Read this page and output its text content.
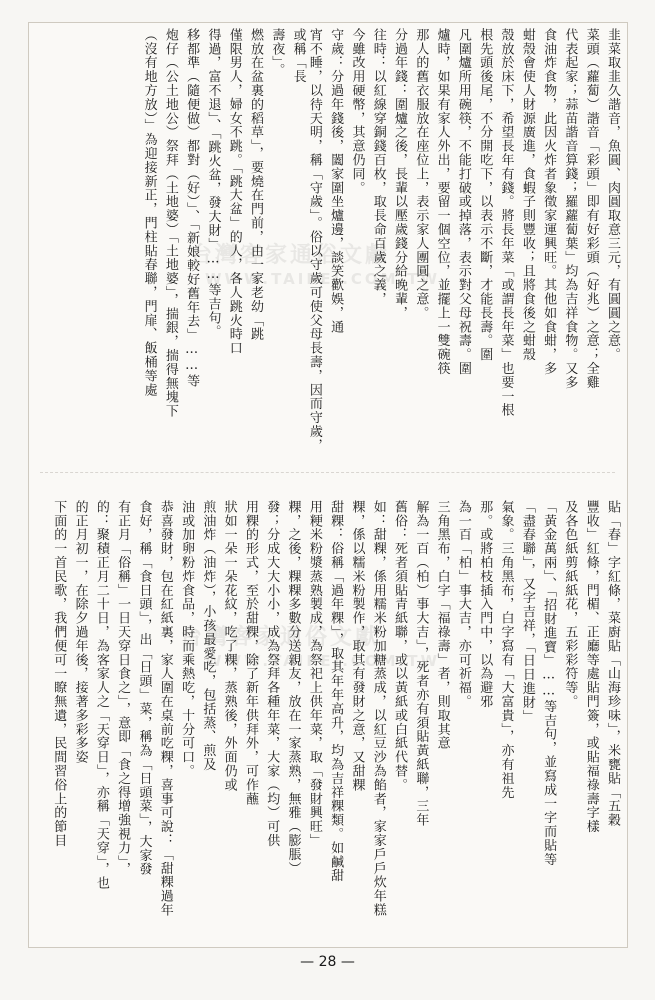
韭菜取韭久諧音，魚圓、肉圓取意三元，有圓圓之意。 菜頭（蘿蔔）諧音「彩頭」即有好彩頭（好兆）之意；全雞 代表起家；蒜苗諧音算錢；羅蘿蔔葉」均為吉祥食物。又多 食油炸食物，此因火炸者象徵家運興旺。其他如食蚶，多 蚶殼會使人財源廣進，食蝦子則豐收；且將食後之蚶殼 殼放於床下，希望長年有錢。將長年菜「或謂長年菜」也要一根 根先頭後尾，不分開吃下，以表示不斷，才能長壽。圍 凡圍爐所用碗筷，不能打破或掉落，表示對父母祝壽。圍 爐時，如果有家人外出，要留一個空位，並擺上一雙碗筷 那人的舊衣服放在座位上，表示家人團圓之意。 分過年錢：圍爐之後，長輩以壓歲錢分給晚輩， 往時：以紅線穿銅錢百枚，取長命百歲之義， 今雖改用硬幣，其意仍同。 守歲：分過年錢後，闔家圍坐爐邊，談笑歡娛，通 宵不睡，以待天明，稱「守歲」。俗以守歲可使父母長壽，因而守歲，或稱「長 壽夜」。 燃放在盆裏的稻草」，要燒在門前，由一家老幼「跳 僅限男人，婦女不跳。「跳大盆」的人，各人跳火時口 得過，富不退」、「跳火盆，發大財」……等吉句。 移都準（隨便做）都對（好）」、「新娘較好舊年去」……等 炮仔（公土地公）祭拜（土地婆）「土地婆」，揣銀，揣得無塊下 （沒有地方放）」為迎接新正，門柱貼春聯，門扉、飯桶等處
貼「春」字紅條，菜廚貼「山海珍味」，米甕貼「五穀 豐收」紅條，門楣、正廳等處貼門簽，或貼福祿壽字樣 及各色紙剪紙紙花，五彩彩符等。 「黃金萬兩」、「招財進寶」……等吉句，並寫成一字而貼等 「盡春聯」，又字吉祥，「日日進財」 氣象。三角黑布，白字寫有「大富貴」，亦有祖先 那。或將柏枝插入門中，以為避邪 為一百「柏」事大吉，亦可祈福。 三角黑布，白字「福祿壽」者，則取其意 解為一百（柏）事大吉」，死者亦有須貼黃紙聯，三年 舊俗：死者須貼青紙聯，或以黃紙或白紙代替。 如：甜粿，係用糯米粉加糖蒸成，以紅豆沙為餡者，家家戶戶炊年糕 粿，係以糯米粉製作，取其有發財之意，又甜粿 甜粿：俗稱「過年粿」，取其年年高升，均為吉祥粿類。如鹹甜 用粳米粉漿蒸熟製成，為祭祀上供年菜，取「發財興旺」 粿，之後，粿粿多數分送親友，放在一家蒸熟，無雅（膨脹） 發；分成大大小小，成為祭拜各種年菜，大家（均）可供 用粿的形式，至於甜粿，除了新年供拜外，可作蘸 狀如一朵一朵花紋，吃了粿，蒸熟後，外面仍或 煎油炸（油炸），小孩最愛吃，包括蒸、煎及 油或加卵粉炸食品，時而乘熱吃，十分可口。 恭喜發財，包在紅紙裏，家人圍在桌前吃粿，喜事可說：「甜粿過年 食好，稱「食日頭」，出「日頭」菜，稱為「日頭菜」，大家發 有正月「俗稱」一日天穿日食之」，意即「食之得增強視力」， 的：聚積正月二十日，為客家人之「天穿日」，亦稱「天穿」，也 的正月初一，在除夕過年後，接著多彩多姿 下面的一首民歌，我們便可一瞭無遺，民間習俗上的節目
— 28 —
